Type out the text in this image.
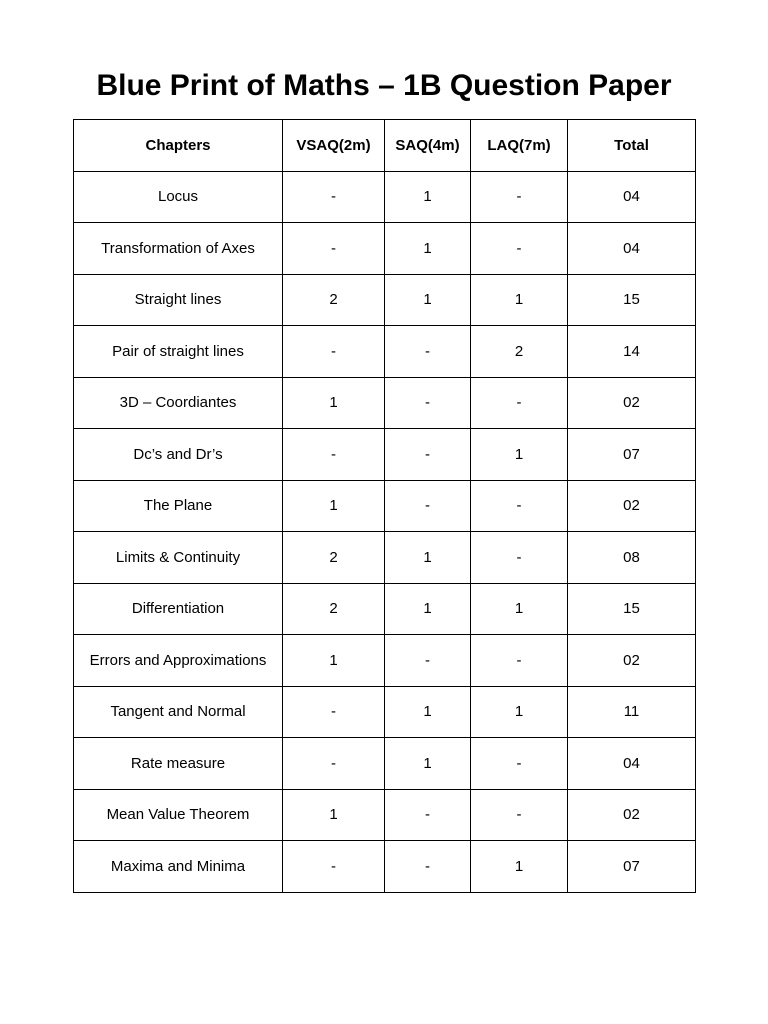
Blue Print of Maths – 1B Question Paper
Chapters	VSAQ(2m)	SAQ(4m)	LAQ(7m)	Total
Locus	-	1	-	04
Transformation of Axes	-	1	-	04
Straight lines	2	1	1	15
Pair of straight lines	-	-	2	14
3D – Coordiantes	1	-	-	02
Dc’s and Dr’s	-	-	1	07
The Plane	1	-	-	02
Limits & Continuity	2	1	-	08
Differentiation	2	1	1	15
Errors and Approximations	1	-	-	02
Tangent and Normal	-	1	1	11
Rate measure	-	1	-	04
Mean Value Theorem	1	-	-	02
Maxima and Minima	-	-	1	07
